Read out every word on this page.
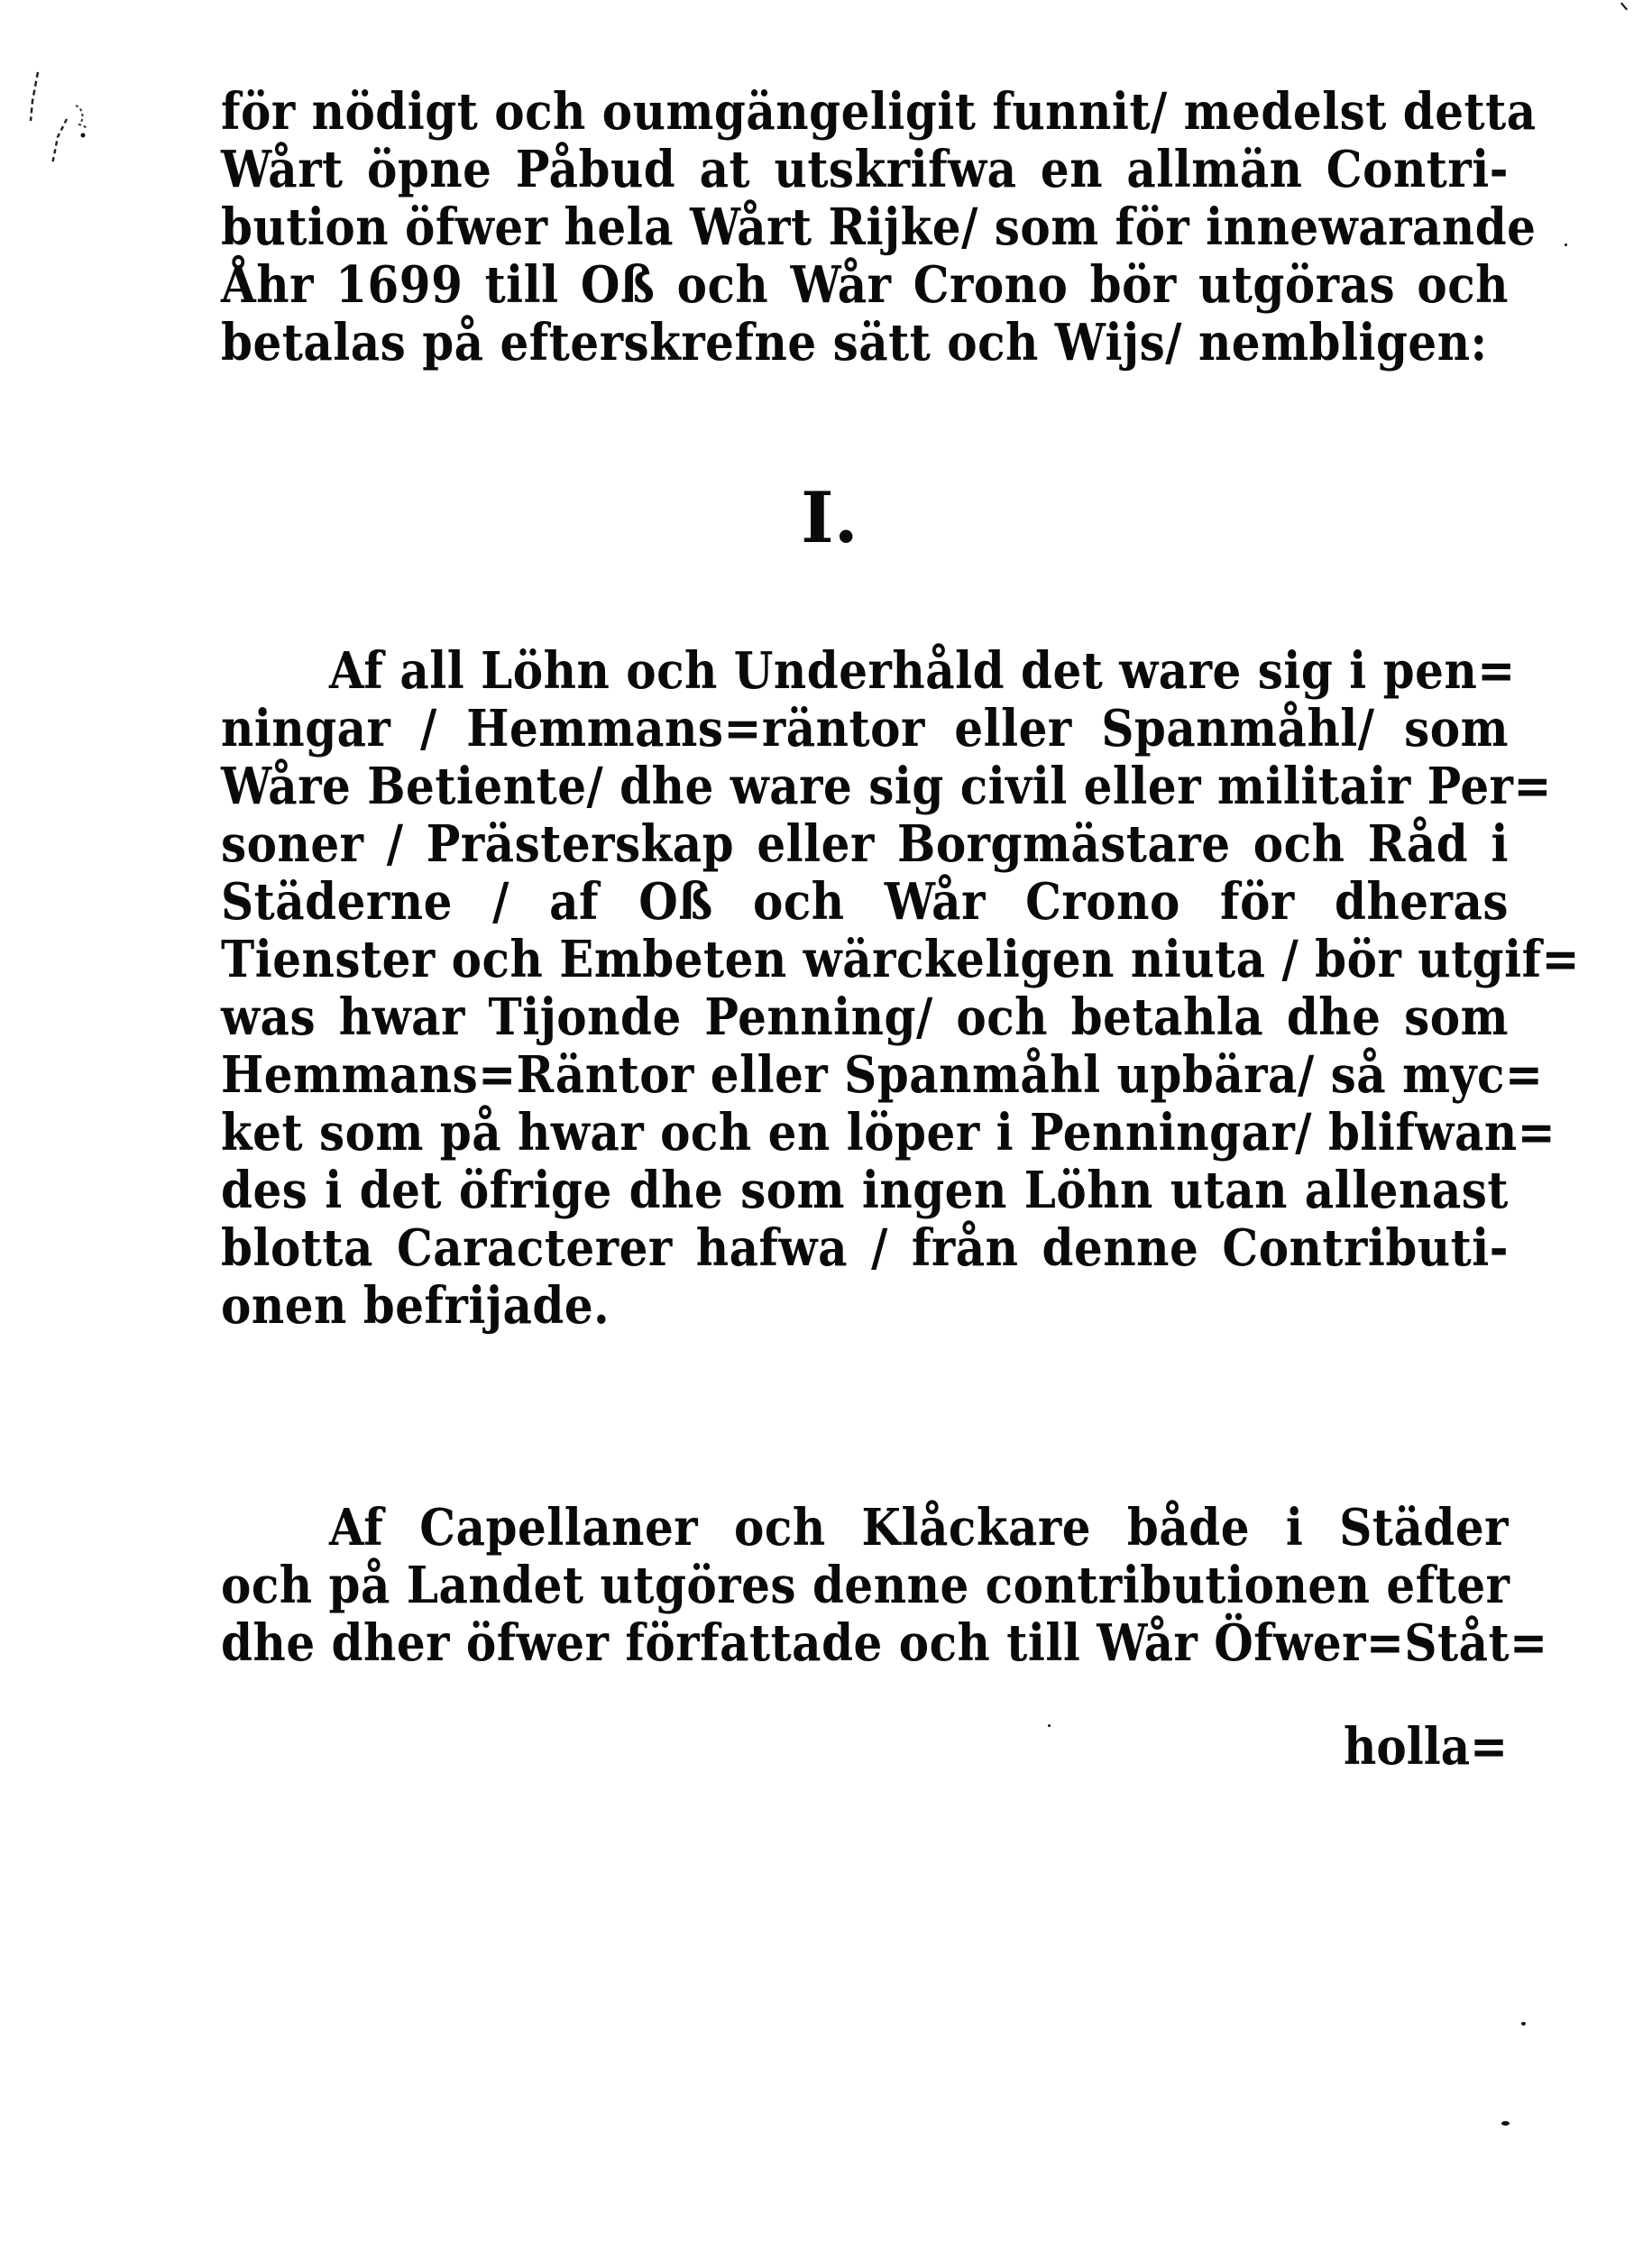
för nödigt och oumgängeligit funnit/ medelst detta
Wårt öpne Påbud at utskrifwa en allmän Contri-
bution öfwer hela Wårt Rijke/ som för innewarande
Åhr 1699 till Oß och Wår Crono bör utgöras och
betalas på efterskrefne sätt och Wijs/ nembligen:
I.
Af all Löhn och Underhåld det ware sig i pen=
ningar / Hemmans=räntor eller Spanmåhl/ som
Wåre Betiente/ dhe ware sig civil eller militair Per=
soner / Prästerskap eller Borgmästare och Råd i
Städerne / af Oß och Wår Crono för dheras
Tienster och Embeten wärckeligen niuta / bör utgif=
was hwar Tijonde Penning/ och betahla dhe som
Hemmans=Räntor eller Spanmåhl upbära/ så myc=
ket som på hwar och en löper i Penningar/ blifwan=
des i det öfrige dhe som ingen Löhn utan allenast
blotta Caracterer hafwa / från denne Contributi-
onen befrijade.
Af Capellaner och Klåckare både i Städer
och på Landet utgöres denne contributionen efter
dhe dher öfwer författade och till Wår Öfwer=Ståt=
holla=
